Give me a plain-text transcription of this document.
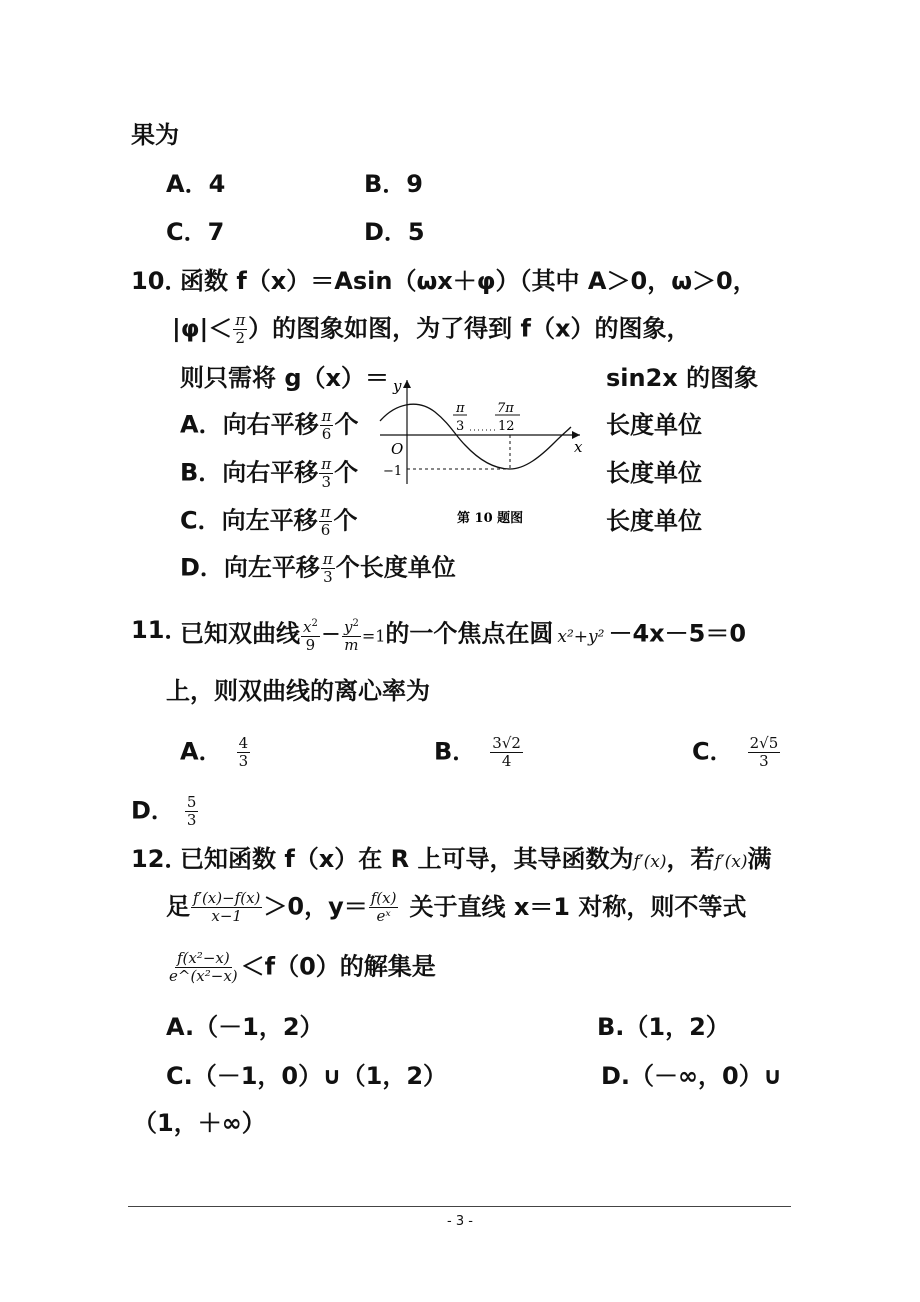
果为
A．4	B．9
C．7	D．5
10．
函数 f（x）＝Asin（ωx＋φ）（其中 A＞0，ω＞0，
$|\varphi|< \frac{\pi}{2}$ ）的图象如图，为了得到 f（x）的图象，
则只需将 g（x）＝	sin2x 的图象
A．向右平移 $\frac{\pi}{6}$ 个	长度单位
B．向右平移 $\frac{\pi}{3}$ 个	长度单位
C．向左平移 $\frac{\pi}{6}$ 个	长度单位
D．向左平移 $\frac{\pi}{3}$ 个长度单位
y
x
O
−1
π
3
7π
12
第 10 题图
11．
已知双曲线 $\frac{x^2}{9} - \frac{y^2}{m} =1$的一个焦点在圆 x²+y² －4x－5＝0
上，则双曲线的离心率为
A． $\frac{4}{3}$	B． $\frac{3√2}{4}$	C． $\frac{2√5}{3}$
D． $\frac{5}{3}$
12．
已知函数 f（x）在 R 上可导，其导函数为f′(x)，若f′(x)满
足 $\frac{f'(x)-f(x)}{x-1} >0$，$y= \frac{f(x)}{\text{eˣ}}$ 关于直线 x＝1 对称，则不等式
$\frac{\text{f(x²−x)}}{\text{e\textasciicircum{}(x²−x)}} <f(0)$的解集是
A.（－1，2）	B.（1，2）
C.（－1，0）∪（1，2）	D.（－∞，0）∪
（1，＋∞）
- 3 -
